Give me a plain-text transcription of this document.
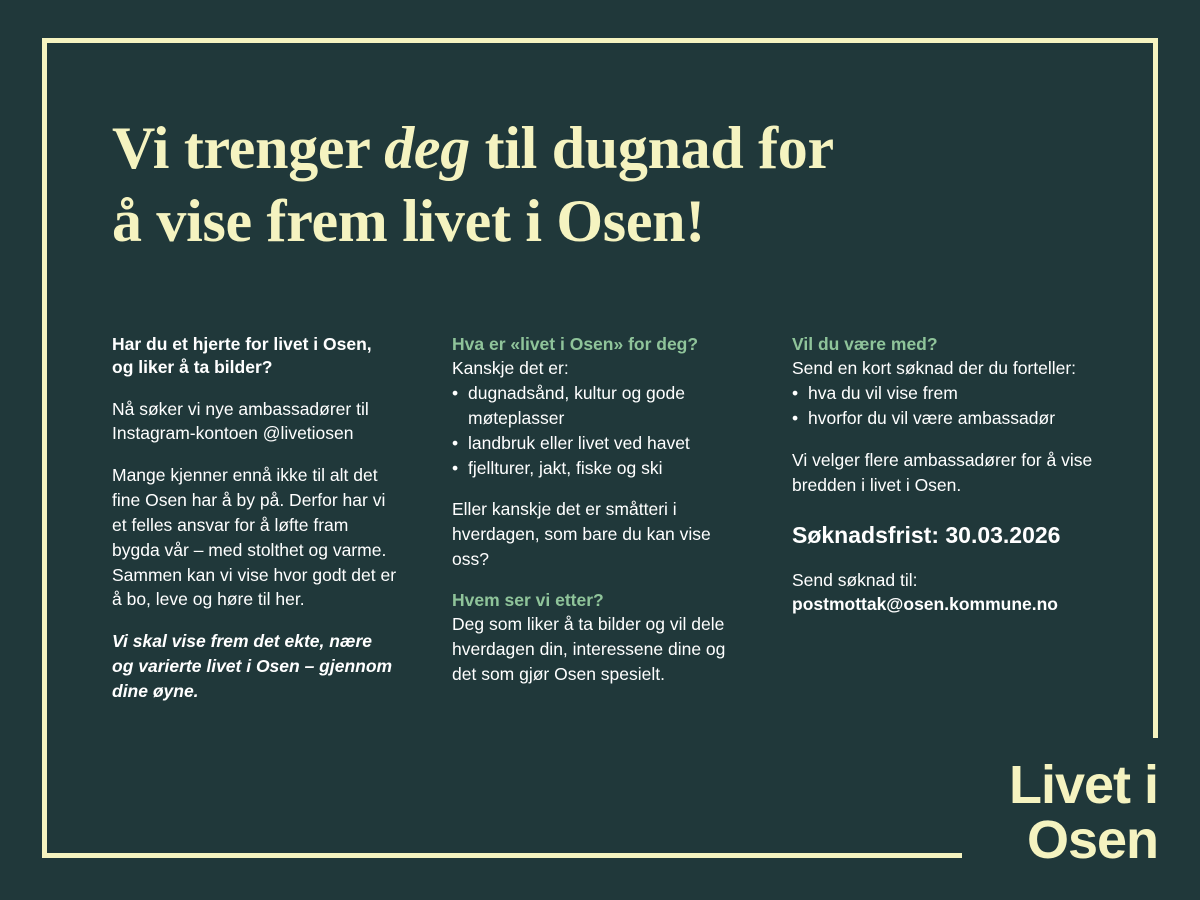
Vi trenger deg til dugnad for
å vise frem livet i Osen!

Har du et hjerte for livet i Osen, og liker å ta bilder?

Nå søker vi nye ambassadører til Instagram-kontoen @livetiosen

Mange kjenner ennå ikke til alt det fine Osen har å by på. Derfor har vi et felles ansvar for å løfte fram bygda vår – med stolthet og varme. Sammen kan vi vise hvor godt det er å bo, leve og høre til her.

Vi skal vise frem det ekte, nære og varierte livet i Osen – gjennom dine øyne.

Hva er «livet i Osen» for deg?

Kanskje det er:

• dugnadsånd, kultur og gode møteplasser
• landbruk eller livet ved havet
• fjellturer, jakt, fiske og ski

Eller kanskje det er småtteri i hverdagen, som bare du kan vise oss?

Hvem ser vi etter?

Deg som liker å ta bilder og vil dele hverdagen din, interessene dine og det som gjør Osen spesielt.

Vil du være med?

Send en kort søknad der du forteller:

• hva du vil vise frem
• hvorfor du vil være ambassadør

Vi velger flere ambassadører for å vise bredden i livet i Osen.

Søknadsfrist: 30.03.2026

Send søknad til:

postmottak@osen.kommune.no

Livet i
Osen
